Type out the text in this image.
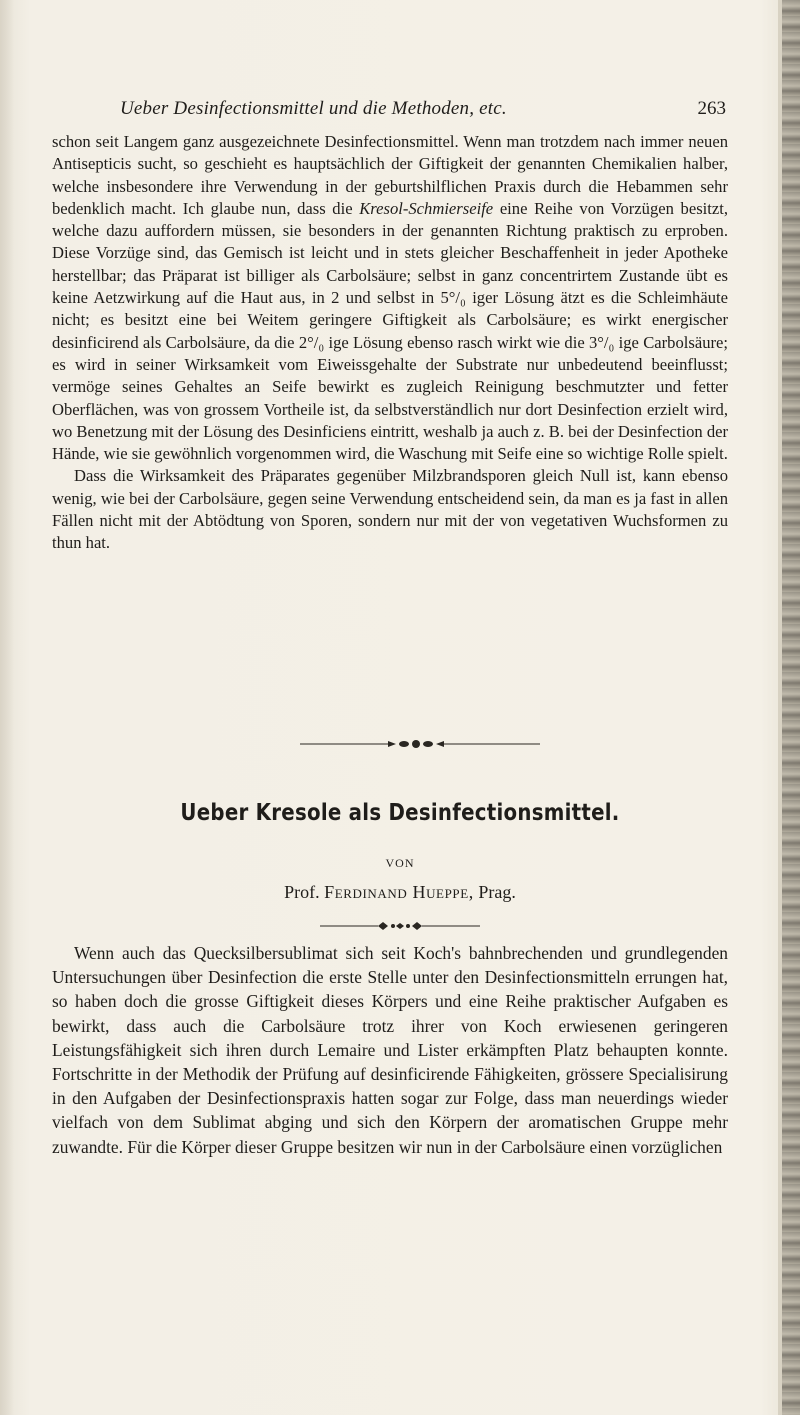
Ueber Desinfectionsmittel und die Methoden, etc.	263

schon seit Langem ganz ausgezeichnete Desinfectionsmittel. Wenn man trotzdem nach immer neuen Antisepticis sucht, so geschieht es hauptsächlich der Giftigkeit der genannten Chemikalien halber, welche insbesondere ihre Verwendung in der geburtshilflichen Praxis durch die Hebammen sehr bedenklich macht. Ich glaube nun, dass die Kresol-Schmierseife eine Reihe von Vorzügen besitzt, welche dazu auffordern müssen, sie besonders in der genannten Richtung praktisch zu erproben. Diese Vorzüge sind, das Gemisch ist leicht und in stets gleicher Beschaffenheit in jeder Apotheke herstellbar; das Präparat ist billiger als Carbolsäure; selbst in ganz concentrirtem Zustande übt es keine Aetzwirkung auf die Haut aus, in 2 und selbst in 5°/₀ iger Lösung ätzt es die Schleimhäute nicht; es besitzt eine bei Weitem geringere Giftigkeit als Carbolsäure; es wirkt energischer desinficirend als Carbolsäure, da die 2°/₀ ige Lösung ebenso rasch wirkt wie die 3°/₀ ige Carbolsäure; es wird in seiner Wirksamkeit vom Eiweissgehalte der Substrate nur unbedeutend beeinflusst; vermöge seines Gehaltes an Seife bewirkt es zugleich Reinigung beschmutzter und fetter Oberflächen, was von grossem Vortheile ist, da selbstverständlich nur dort Desinfection erzielt wird, wo Benetzung mit der Lösung des Desinficiens eintritt, weshalb ja auch z. B. bei der Desinfection der Hände, wie sie gewöhnlich vorgenommen wird, die Waschung mit Seife eine so wichtige Rolle spielt.

Dass die Wirksamkeit des Präparates gegenüber Milzbrandsporen gleich Null ist, kann ebenso wenig, wie bei der Carbolsäure, gegen seine Verwendung entscheidend sein, da man es ja fast in allen Fällen nicht mit der Abtödtung von Sporen, sondern nur mit der von vegetativen Wuchsformen zu thun hat.

Ueber Kresole als Desinfectionsmittel.
VON
Prof. Ferdinand Hueppe, Prag.

Wenn auch das Quecksilbersublimat sich seit Koch's bahnbrechenden und grundlegenden Untersuchungen über Desinfection die erste Stelle unter den Desinfectionsmitteln errungen hat, so haben doch die grosse Giftigkeit dieses Körpers und eine Reihe praktischer Aufgaben es bewirkt, dass auch die Carbolsäure trotz ihrer von Koch erwiesenen geringeren Leistungsfähigkeit sich ihren durch Lemaire und Lister erkämpften Platz behaupten konnte. Fortschritte in der Methodik der Prüfung auf desinficirende Fähigkeiten, grössere Specialisirung in den Aufgaben der Desinfectionspraxis hatten sogar zur Folge, dass man neuerdings wieder vielfach von dem Sublimat abging und sich den Körpern der aromatischen Gruppe mehr zuwandte. Für die Körper dieser Gruppe besitzen wir nun in der Carbolsäure einen vorzüglichen
